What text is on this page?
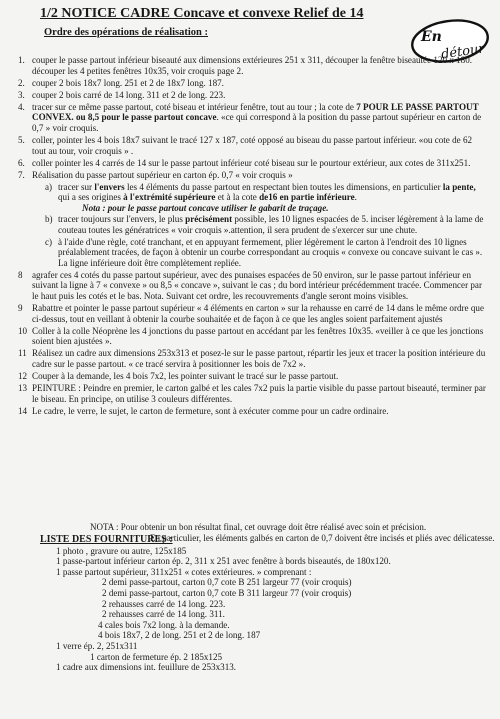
1/2 NOTICE CADRE Concave et convexe Relief de 14
Ordre des opérations de réalisation :	En
détour
1. couper le passe partout inférieur biseauté aux dimensions extérieures 251 x 311, découper la fenêtre biseautée 120 x 180. découper les 4 petites fenêtres 10x35, voir croquis page 2.
2. couper 2 bois 18x7 long. 251 et 2 de 18x7 long. 187.
3. couper 2 bois carré de 14 long. 311 et 2 de long. 223.
4. tracer sur ce même passe partout, coté biseau et intérieur fenêtre, tout au tour ; la cote de 7 POUR LE PASSE PARTOUT CONVEX. ou 8,5 pour le passe partout concave. «ce qui correspond à la position du passe partout supérieur en carton de 0,7 » voir croquis.
5. coller, pointer les 4 bois 18x7 suivant le tracé 127 x 187, coté opposé au biseau du passe partout inférieur. «ou cote de 62 tout au tour, voir croquis » .
6. coller pointer les 4 carrés de 14 sur le passe partout inférieur coté biseau sur le pourtour extérieur, aux cotes de 311x251.
7. Réalisation du passe partout supérieur en carton ép. 0,7 « voir croquis »
a) tracer sur l'envers les 4 éléments du passe partout en respectant bien toutes les dimensions, en particulier la pente, qui a ses origines à l'extrémité supérieure et à la cote de16 en partie inférieure.
Nota : pour le passe partout concave utiliser le gabarit de traçage.
b) tracer toujours sur l'envers, le plus précisément possible, les 10 lignes espacées de 5. inciser légèrement à la lame de couteau toutes les génératrices « voir croquis ».attention, il sera prudent de s'exercer sur une chute.
c) à l'aide d'une règle, coté tranchant, et en appuyant fermement, plier légèrement le carton à l'endroit des 10 lignes préalablement tracées, de façon à obtenir un courbe correspondant au croquis « convexe ou concave suivant le cas ». La ligne inférieure doit être complètement repliée.
8 agrafer ces 4 cotés du passe partout supérieur, avec des punaises espacées de 50 environ, sur le passe partout inférieur en suivant la ligne à 7 « convexe » ou 8,5 « concave », suivant le cas ; du bord intérieur précédemment tracée. Commencer par le haut puis les cotés et le bas. Nota. Suivant cet ordre, les recouvrements d'angle seront moins visibles.
9 Rabattre et pointer le passe partout supérieur « 4 éléments en carton » sur la rehausse en carré de 14 dans le même ordre que ci-dessus, tout en veillant à obtenir la courbe souhaitée et de façon à ce que les angles soient parfaitement ajustés
10 Coller à la colle Néoprène les 4 jonctions du passe partout en accédant par les fenêtres 10x35. «veiller à ce que les jonctions soient bien ajustées ».
11 Réalisez un cadre aux dimensions 253x313 et posez-le sur le passe partout, répartir les jeux et tracer la position intérieure du cadre sur le passe partout. « ce tracé servira à positionner les bois de 7x2 ».
12 Couper à la demande, les 4 bois 7x2, les pointer suivant le tracé sur le passe partout.
13 PEINTURE : Peindre en premier, le carton galbé et les cales 7x2 puis la partie visible du passe partout biseauté, terminer par le biseau. En principe, on utilise 3 couleurs différentes.
14 Le cadre, le verre, le sujet, le carton de fermeture, sont à exécuter comme pour un cadre ordinaire.
NOTA : Pour obtenir un bon résultat final, cet ouvrage doit être réalisé avec soin et précision.
En particulier, les éléments galbés en carton de 0,7 doivent être incisés et pliés avec délicatesse.
LISTE DES FOURNITURES :
1 photo , gravure ou autre, 125x185
1 passe-partout inférieur carton ép. 2, 311 x 251 avec fenêtre à bords biseautés, de 180x120.
1 passe partout supérieur, 311x251 « cotes extérieures. » comprenant :
2 demi passe-partout, carton 0,7 cote B 251 largeur 77 (voir croquis)
2 demi passe-partout, carton 0,7 cote B 311 largeur 77 (voir croquis)
2 rehausses carré de 14 long. 223.
2 rehausses carré de 14 long. 311.
4 cales bois 7x2 long. à la demande.
4 bois 18x7, 2 de long. 251 et 2 de long. 187
1 verre ép. 2, 251x311
1 carton de fermeture ép. 2 185x125
1 cadre aux dimensions int. feuillure de 253x313.
